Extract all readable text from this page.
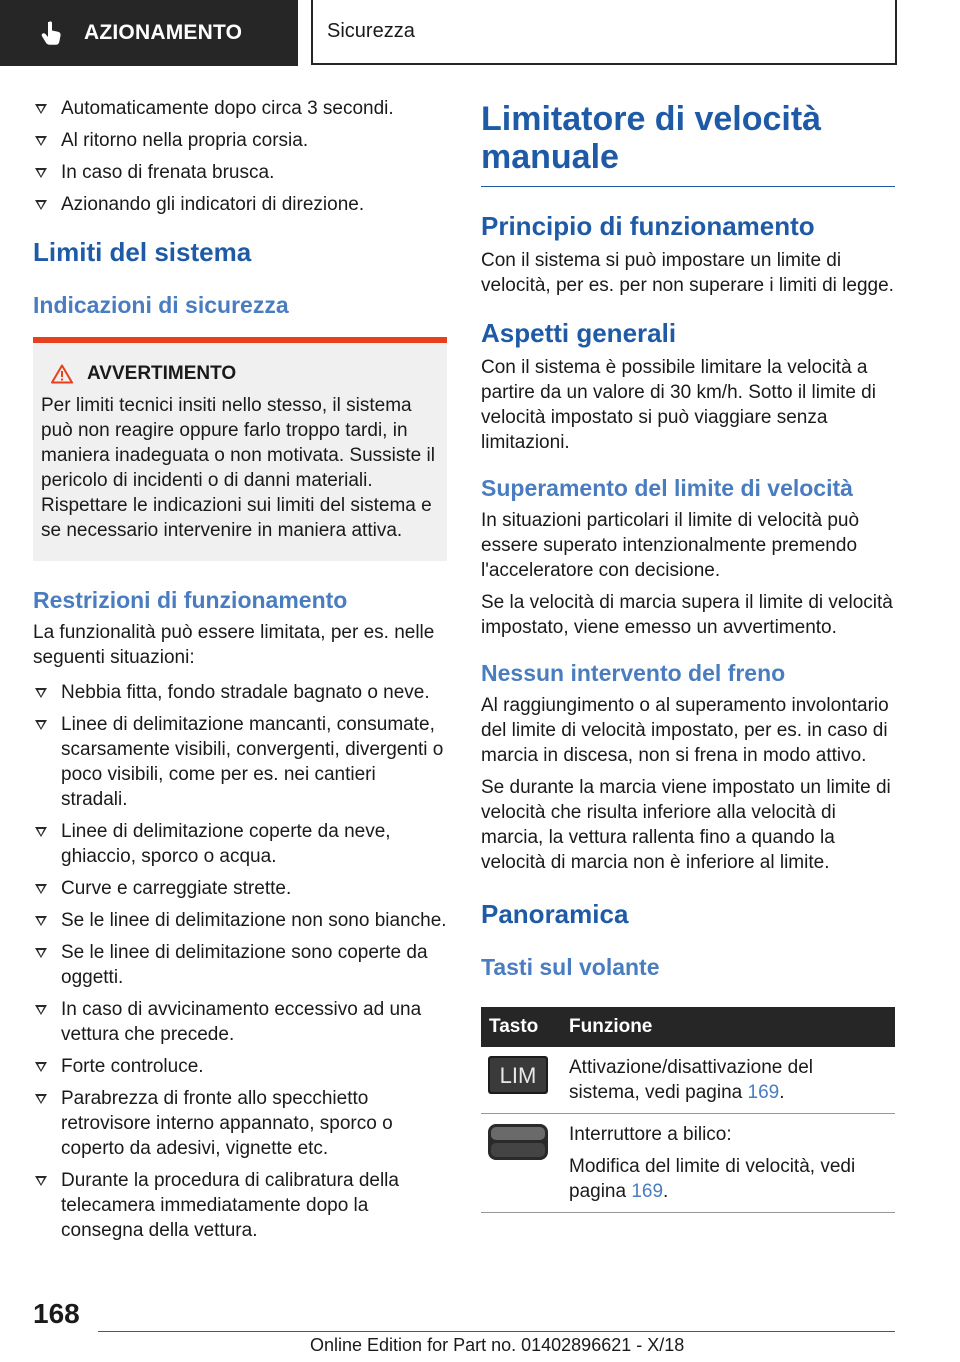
AZIONAMENTO	Sicurezza
Automaticamente dopo circa 3 secondi.
Al ritorno nella propria corsia.
In caso di frenata brusca.
Azionando gli indicatori di direzione.
Limiti del sistema
Indicazioni di sicurezza
AVVERTIMENTO

Per limiti tecnici insiti nello stesso, il sistema può non reagire oppure farlo troppo tardi, in maniera inadeguata o non motivata. Sussiste il pericolo di incidenti o di danni materiali. Rispettare le indicazioni sui limiti del sistema e se necessario intervenire in maniera attiva.

Restrizioni di funzionamento

La funzionalità può essere limitata, per es. nelle seguenti situazioni:

Nebbia fitta, fondo stradale bagnato o neve.
Linee di delimitazione mancanti, consumate, scarsamente visibili, convergenti, divergenti o poco visibili, come per es. nei cantieri stradali.
Linee di delimitazione coperte da neve, ghiaccio, sporco o acqua.
Curve e carreggiate strette.
Se le linee di delimitazione non sono bianche.
Se le linee di delimitazione sono coperte da oggetti.
In caso di avvicinamento eccessivo ad una vettura che precede.
Forte controluce.
Parabrezza di fronte allo specchietto retrovisore interno appannato, sporco o coperto da adesivi, vignette etc.
Durante la procedura di calibratura della telecamera immediatamente dopo la consegna della vettura.
Limitatore di velocità manuale
Principio di funzionamento

Con il sistema si può impostare un limite di velocità, per es. per non superare i limiti di legge.

Aspetti generali

Con il sistema è possibile limitare la velocità a partire da un valore di 30 km/h. Sotto il limite di velocità impostato si può viaggiare senza limitazioni.

Superamento del limite di velocità

In situazioni particolari il limite di velocità può essere superato intenzionalmente premendo l'acceleratore con decisione.

Se la velocità di marcia supera il limite di velocità impostato, viene emesso un avvertimento.

Nessun intervento del freno

Al raggiungimento o al superamento involontario del limite di velocità impostato, per es. in caso di marcia in discesa, non si frena in modo attivo.

Se durante la marcia viene impostato un limite di velocità che risulta inferiore alla velocità di marcia, la vettura rallenta fino a quando la velocità di marcia non è inferiore al limite.

Panoramica
Tasti sul volante
Tasto	Funzione

LIM	Attivazione/disattivazione del sistema, vedi pagina 169.

Interruttore a bilico:

Modifica del limite di velocità, vedi pagina 169.

168
Online Edition for Part no. 01402896621 - X/18
